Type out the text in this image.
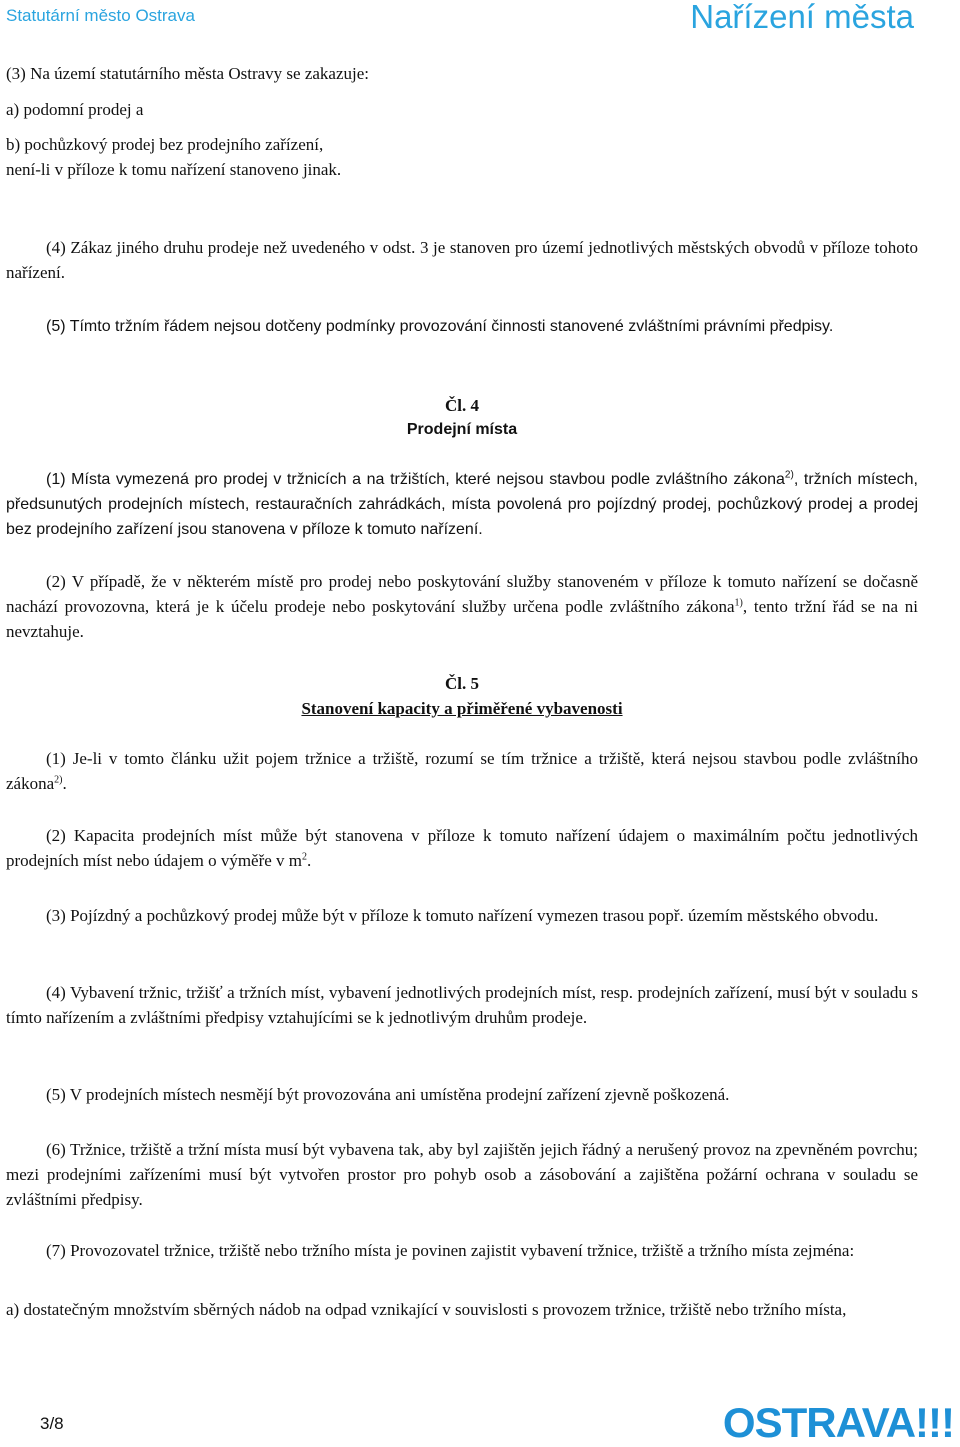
Statutární město Ostrava	Nařízení města
(3) Na území statutárního města Ostravy se zakazuje:
a) podomní prodej a
b) pochůzkový prodej bez prodejního zařízení,
není-li v příloze k tomu nařízení stanoveno jinak.
(4) Zákaz jiného druhu prodeje než uvedeného v odst. 3 je stanoven pro území jednotlivých městských obvodů v příloze tohoto nařízení.
(5) Tímto tržním řádem nejsou dotčeny podmínky provozování činnosti stanovené zvláštními právními předpisy.
Čl. 4
Prodejní místa
(1) Místa vymezená pro prodej v tržnicích a na tržištích, které nejsou stavbou podle zvláštního zákona$^{2)}$, tržních místech, předsunutých prodejních místech, restauračních zahrádkách, místa povolená pro pojízdný prodej, pochůzkový prodej a prodej bez prodejního zařízení jsou stanovena v příloze k tomuto nařízení.
(2) V případě, že v některém místě pro prodej nebo poskytování služby stanoveném v příloze k tomuto nařízení se dočasně nachází provozovna, která je k účelu prodeje nebo poskytování služby určena podle zvláštního zákona$^{1)}$, tento tržní řád se na ni nevztahuje.
Čl. 5
Stanovení kapacity a přiměřené vybavenosti
(1) Je-li v tomto článku užit pojem tržnice a tržiště, rozumí se tím tržnice a tržiště, která nejsou stavbou podle zvláštního zákona$^{2)}$.
(2) Kapacita prodejních míst může být stanovena v příloze k tomuto nařízení údajem o maximálním počtu jednotlivých prodejních míst nebo údajem o výměře v $m^2$.
(3) Pojízdný a pochůzkový prodej může být v příloze k tomuto nařízení vymezen trasou popř. územím městského obvodu.
(4) Vybavení tržnic, tržišť a tržních míst, vybavení jednotlivých prodejních míst, resp. prodejních zařízení, musí být v souladu s tímto nařízením a zvláštními předpisy vztahujícími se k jednotlivým druhům prodeje.
(5) V prodejních místech nesmějí být provozována ani umístěna prodejní zařízení zjevně poškozená.
(6) Tržnice, tržiště a tržní místa musí být vybavena tak, aby byl zajištěn jejich řádný a nerušený provoz na zpevněném povrchu; mezi prodejními zařízeními musí být vytvořen prostor pro pohyb osob a zásobování a zajištěna požární ochrana v souladu se zvláštními předpisy.
(7) Provozovatel tržnice, tržiště nebo tržního místa je povinen zajistit vybavení tržnice, tržiště a tržního místa zejména:
a) dostatečným množstvím sběrných nádob na odpad vznikající v souvislosti s provozem tržnice, tržiště nebo tržního místa,
3/8	OSTRAVA!!!
